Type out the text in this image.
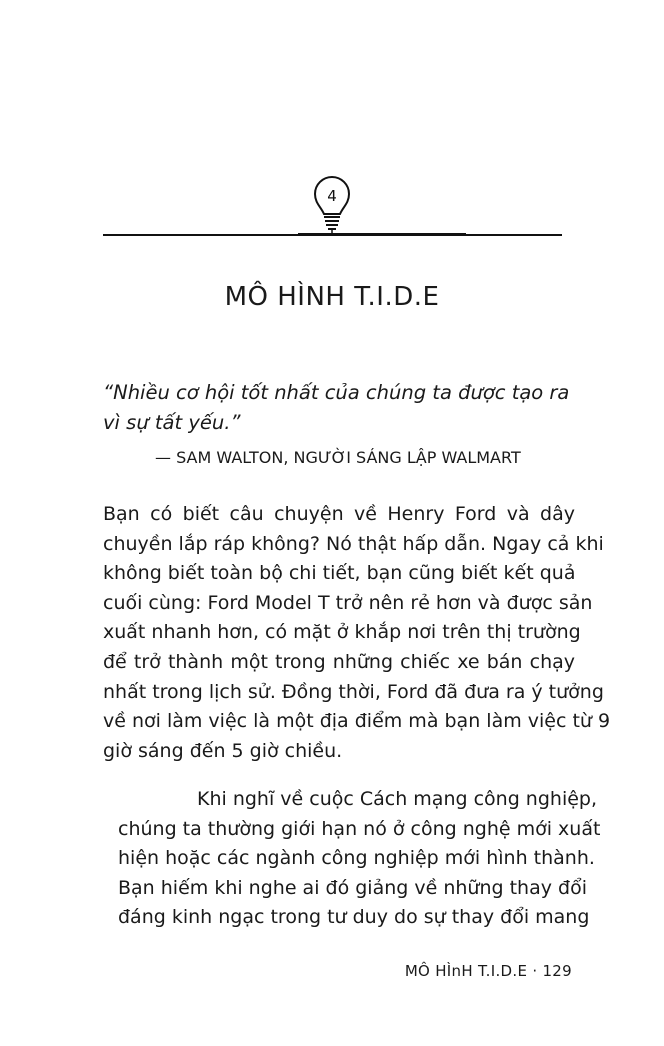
4
MÔ HÌNH T.I.D.E
“Nhiều cơ hội tốt nhất của chúng ta được tạo ra vì sự tất yếu.”
— SAM WALTON, NGƯỜI SÁNG LẬP WALMART
Bạn có biết câu chuyện về Henry Ford và dây
chuyền lắp ráp không? Nó thật hấp dẫn. Ngay cả khi
không biết toàn bộ chi tiết, bạn cũng biết kết quả
cuối cùng: Ford Model T trở nên rẻ hơn và được sản
xuất nhanh hơn, có mặt ở khắp nơi trên thị trường
để trở thành một trong những chiếc xe bán chạy
nhất trong lịch sử. Đồng thời, Ford đã đưa ra ý tưởng
về nơi làm việc là một địa điểm mà bạn làm việc từ 9
giờ sáng đến 5 giờ chiều.
Khi nghĩ về cuộc Cách mạng công nghiệp,
chúng ta thường giới hạn nó ở công nghệ mới xuất
hiện hoặc các ngành công nghiệp mới hình thành.
Bạn hiếm khi nghe ai đó giảng về những thay đổi
đáng kinh ngạc trong tư duy do sự thay đổi mang
MÔ HÌnH T.I.D.E · 129
